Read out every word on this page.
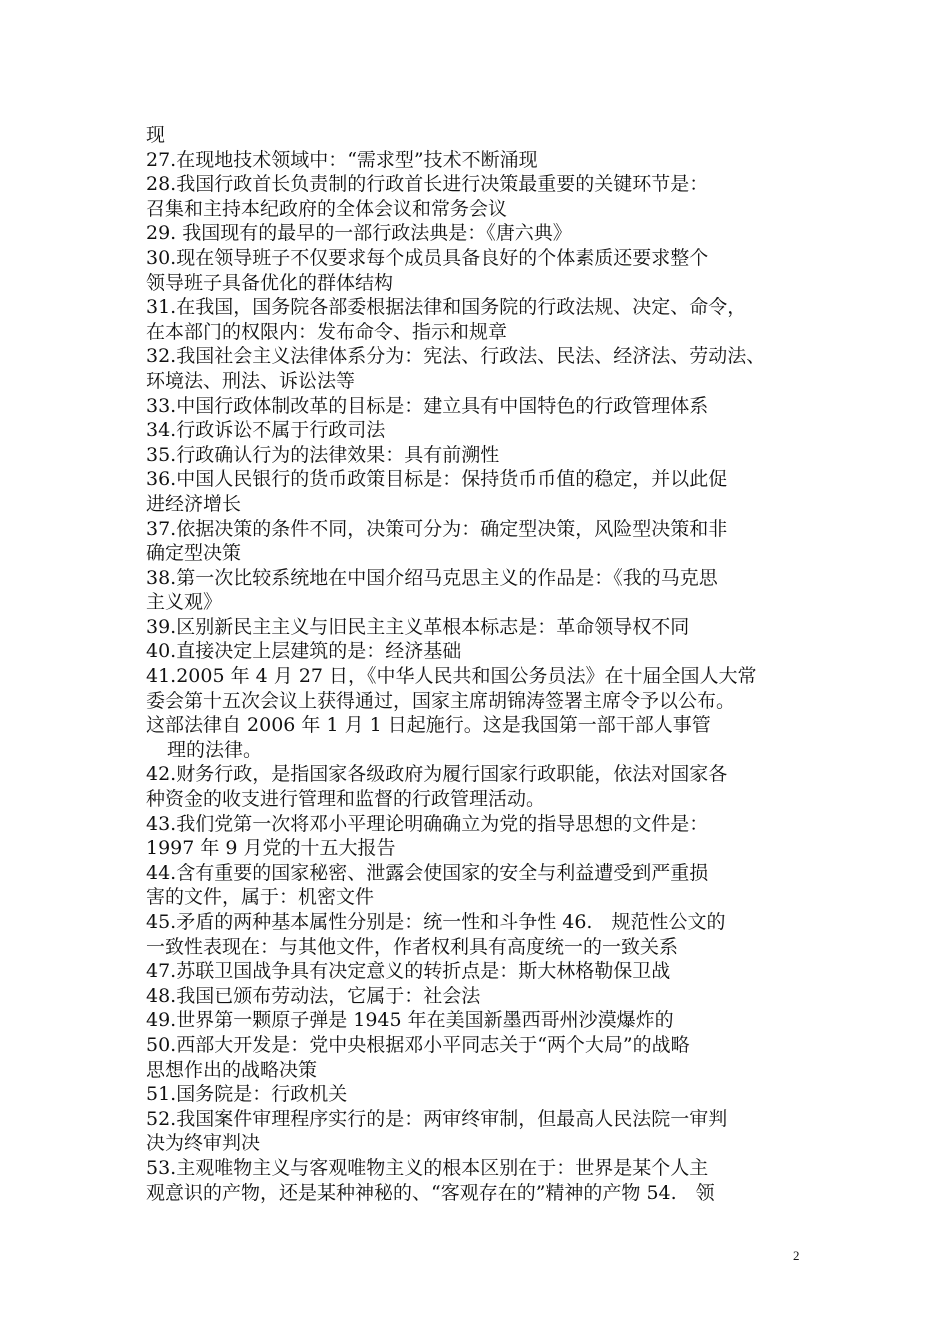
现
27.在现地技术领域中：“需求型”技术不断涌现
28.我国行政首长负责制的行政首长进行决策最重要的关键环节是：
召集和主持本纪政府的全体会议和常务会议
29. 我国现有的最早的一部行政法典是：《唐六典》
30.现在领导班子不仅要求每个成员具备良好的个体素质还要求整个
领导班子具备优化的群体结构
31.在我国，国务院各部委根据法律和国务院的行政法规、决定、命令，
在本部门的权限内：发布命令、指示和规章
32.我国社会主义法律体系分为：宪法、行政法、民法、经济法、劳动法、
环境法、刑法、诉讼法等
33.中国行政体制改革的目标是：建立具有中国特色的行政管理体系
34.行政诉讼不属于行政司法
35.行政确认行为的法律效果：具有前溯性
36.中国人民银行的货币政策目标是：保持货币币值的稳定，并以此促
进经济增长
37.依据决策的条件不同，决策可分为：确定型决策，风险型决策和非
确定型决策
38.第一次比较系统地在中国介绍马克思主义的作品是：《我的马克思
主义观》
39.区别新民主主义与旧民主主义革根本标志是：革命领导权不同
40.直接决定上层建筑的是：经济基础
41.2005 年 4 月 27 日，《中华人民共和国公务员法》在十届全国人大常
委会第十五次会议上获得通过，国家主席胡锦涛签署主席令予以公布。
这部法律自 2006 年 1 月 1 日起施行。这是我国第一部干部人事管
理的法律。
42.财务行政，是指国家各级政府为履行国家行政职能，依法对国家各
种资金的收支进行管理和监督的行政管理活动。
43.我们党第一次将邓小平理论明确确立为党的指导思想的文件是：
1997 年 9 月党的十五大报告
44.含有重要的国家秘密、泄露会使国家的安全与利益遭受到严重损
害的文件，属于：机密文件
45.矛盾的两种基本属性分别是：统一性和斗争性 46.　规范性公文的
一致性表现在：与其他文件，作者权利具有高度统一的一致关系
47.苏联卫国战争具有决定意义的转折点是：斯大林格勒保卫战
48.我国已颁布劳动法，它属于：社会法
49.世界第一颗原子弹是 1945 年在美国新墨西哥州沙漠爆炸的
50.西部大开发是：党中央根据邓小平同志关于“两个大局”的战略
思想作出的战略决策
51.国务院是：行政机关
52.我国案件审理程序实行的是：两审终审制，但最高人民法院一审判
决为终审判决
53.主观唯物主义与客观唯物主义的根本区别在于：世界是某个人主
观意识的产物，还是某种神秘的、“客观存在的”精神的产物 54.　领
2
